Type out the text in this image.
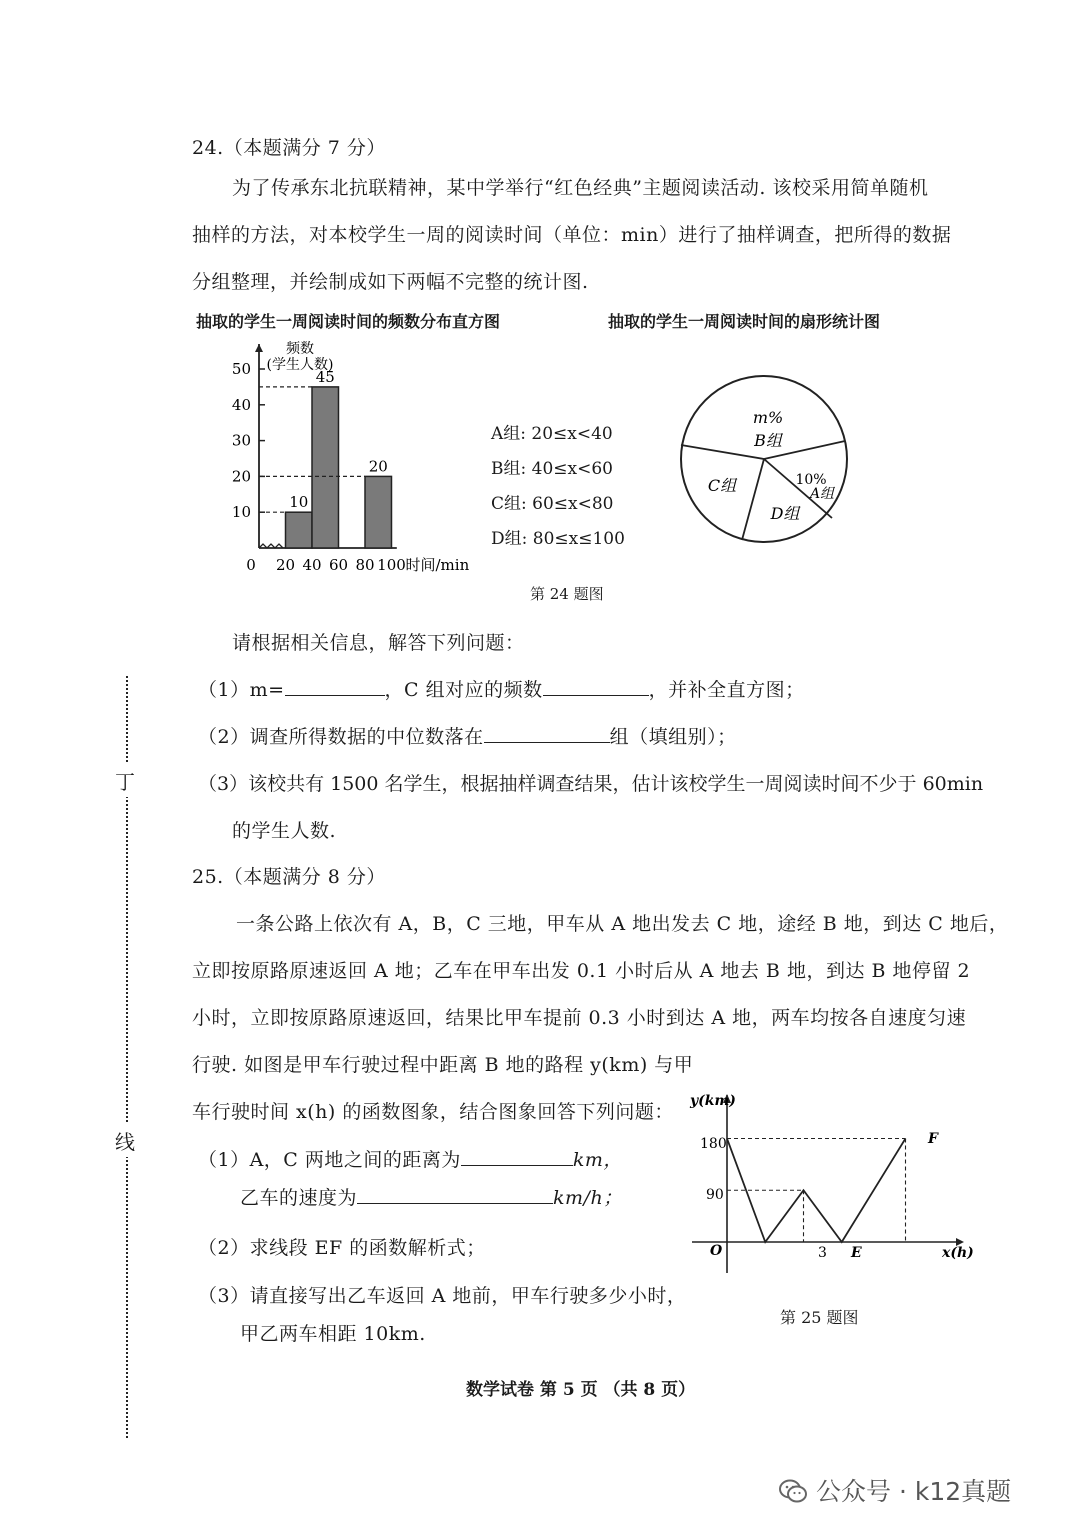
24.（本题满分 7 分）
为了传承东北抗联精神，某中学举行“红色经典”主题阅读活动. 该校采用简单随机
抽样的方法，对本校学生一周的阅读时间（单位：min）进行了抽样调查，把所得的数据
分组整理，并绘制成如下两幅不完整的统计图.
抽取的学生一周阅读时间的频数分布直方图	抽取的学生一周阅读时间的扇形统计图
10
20
30
40
50
10
45
20
0 20 40 60 80 100 时间/min
频数
(学生人数)
A组: 20≤x<40
B组: 40≤x<60
C组: 60≤x<80
D组: 80≤x≤100
m%
B组
10%
A组
D组
C组
第 24 题图
请根据相关信息，解答下列问题：
（1）m=	，C 组对应的频数	，并补全直方图；
（2）调查所得数据的中位数落在	组（填组别）；
（3）该校共有 1500 名学生，根据抽样调查结果，估计该校学生一周阅读时间不少于 60min
的学生人数.
25.（本题满分 8 分）
一条公路上依次有 A，B，C 三地，甲车从 A 地出发去 C 地，途经 B 地，到达 C 地后，
立即按原路原速返回 A 地；乙车在甲车出发 0.1 小时后从 A 地去 B 地，到达 B 地停留 2
小时，立即按原路原速返回，结果比甲车提前 0.3 小时到达 A 地，两车均按各自速度匀速
行驶. 如图是甲车行驶过程中距离 B 地的路程 y(km) 与甲
车行驶时间 x(h) 的函数图象，结合图象回答下列问题：
（1）A，C 两地之间的距离为	km，
乙车的速度为	km/h；
（2）求线段 EF 的函数解析式；
（3）请直接写出乙车返回 A 地前，甲车行驶多少小时，
甲乙两车相距 10km.
y(km)
x(h)
O
180
90
3 E
F
第 25 题图
数学试卷 第 5 页 （共 8 页）
丁
线
公众号 · k12真题
